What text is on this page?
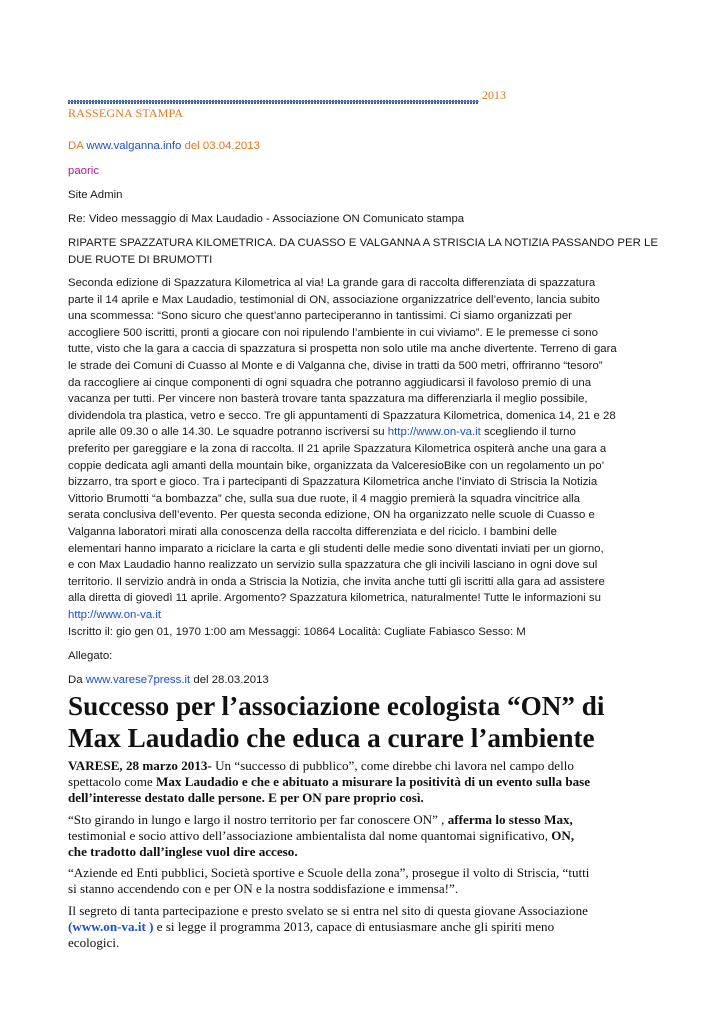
2013
RASSEGNA STAMPA
DA www.valganna.info del 03.04.2013
paoric
Site Admin
Re: Video messaggio di Max Laudadio - Associazione ON Comunicato stampa
RIPARTE SPAZZATURA KILOMETRICA. DA CUASSO E VALGANNA A STRISCIA LA NOTIZIA PASSANDO PER LE
DUE RUOTE DI BRUMOTTI
Seconda edizione di Spazzatura Kilometrica al via! La grande gara di raccolta differenziata di spazzatura
parte il 14 aprile e Max Laudadio, testimonial di ON, associazione organizzatrice dell’evento, lancia subito
una scommessa: “Sono sicuro che quest’anno parteciperanno in tantissimi. Ci siamo organizzati per
accogliere 500 iscritti, pronti a giocare con noi ripulendo l’ambiente in cui viviamo”. E le premesse ci sono
tutte, visto che la gara a caccia di spazzatura si prospetta non solo utile ma anche divertente. Terreno di gara
le strade dei Comuni di Cuasso al Monte e di Valganna che, divise in tratti da 500 metri, offriranno “tesoro”
da raccogliere ai cinque componenti di ogni squadra che potranno aggiudicarsi il favoloso premio di una
vacanza per tutti. Per vincere non basterà trovare tanta spazzatura ma differenziarla il meglio possibile,
dividendola tra plastica, vetro e secco. Tre gli appuntamenti di Spazzatura Kilometrica, domenica 14, 21 e 28
aprile alle 09.30 o alle 14.30. Le squadre potranno iscriversi su http://www.on-va.it scegliendo il turno
preferito per gareggiare e la zona di raccolta. Il 21 aprile Spazzatura Kilometrica ospiterà anche una gara a
coppie dedicata agli amanti della mountain bike, organizzata da ValceresioBike con un regolamento un po’
bizzarro, tra sport e gioco. Tra i partecipanti di Spazzatura Kilometrica anche l’inviato di Striscia la Notizia
Vittorio Brumotti “a bombazza” che, sulla sua due ruote, il 4 maggio premierà la squadra vincitrice alla
serata conclusiva dell’evento. Per questa seconda edizione, ON ha organizzato nelle scuole di Cuasso e
Valganna laboratori mirati alla conoscenza della raccolta differenziata e del riciclo. I bambini delle
elementari hanno imparato a riciclare la carta e gli studenti delle medie sono diventati inviati per un giorno,
e con Max Laudadio hanno realizzato un servizio sulla spazzatura che gli incivili lasciano in ogni dove sul
territorio. Il servizio andrà in onda a Striscia la Notizia, che invita anche tutti gli iscritti alla gara ad assistere
alla diretta di giovedì 11 aprile. Argomento? Spazzatura kilometrica, naturalmente! Tutte le informazioni su
http://www.on-va.it
Iscritto il: gio gen 01, 1970 1:00 am Messaggi: 10864 Località: Cugliate Fabiasco Sesso: M
Allegato:
Da www.varese7press.it del 28.03.2013
Successo per l’associazione ecologista “ON” di
Max Laudadio che educa a curare l’ambiente
VARESE, 28 marzo 2013- Un “successo di pubblico”, come direbbe chi lavora nel campo dello
spettacolo come Max Laudadio e che e abituato a misurare la positività di un evento sulla base
dell’interesse destato dalle persone. E per ON pare proprio così.
“Sto girando in lungo e largo il nostro territorio per far conoscere ON” , afferma lo stesso Max,
testimonial e socio attivo dell’associazione ambientalista dal nome quantomai significativo, ON,
che tradotto dall’inglese vuol dire acceso.
“Aziende ed Enti pubblici, Società sportive e Scuole della zona”, prosegue il volto di Striscia, “tutti
si stanno accendendo con e per ON e la nostra soddisfazione e immensa!”.
Il segreto di tanta partecipazione e presto svelato se si entra nel sito di questa giovane Associazione
(www.on-va.it ) e si legge il programma 2013, capace di entusiasmare anche gli spiriti meno
ecologici.
